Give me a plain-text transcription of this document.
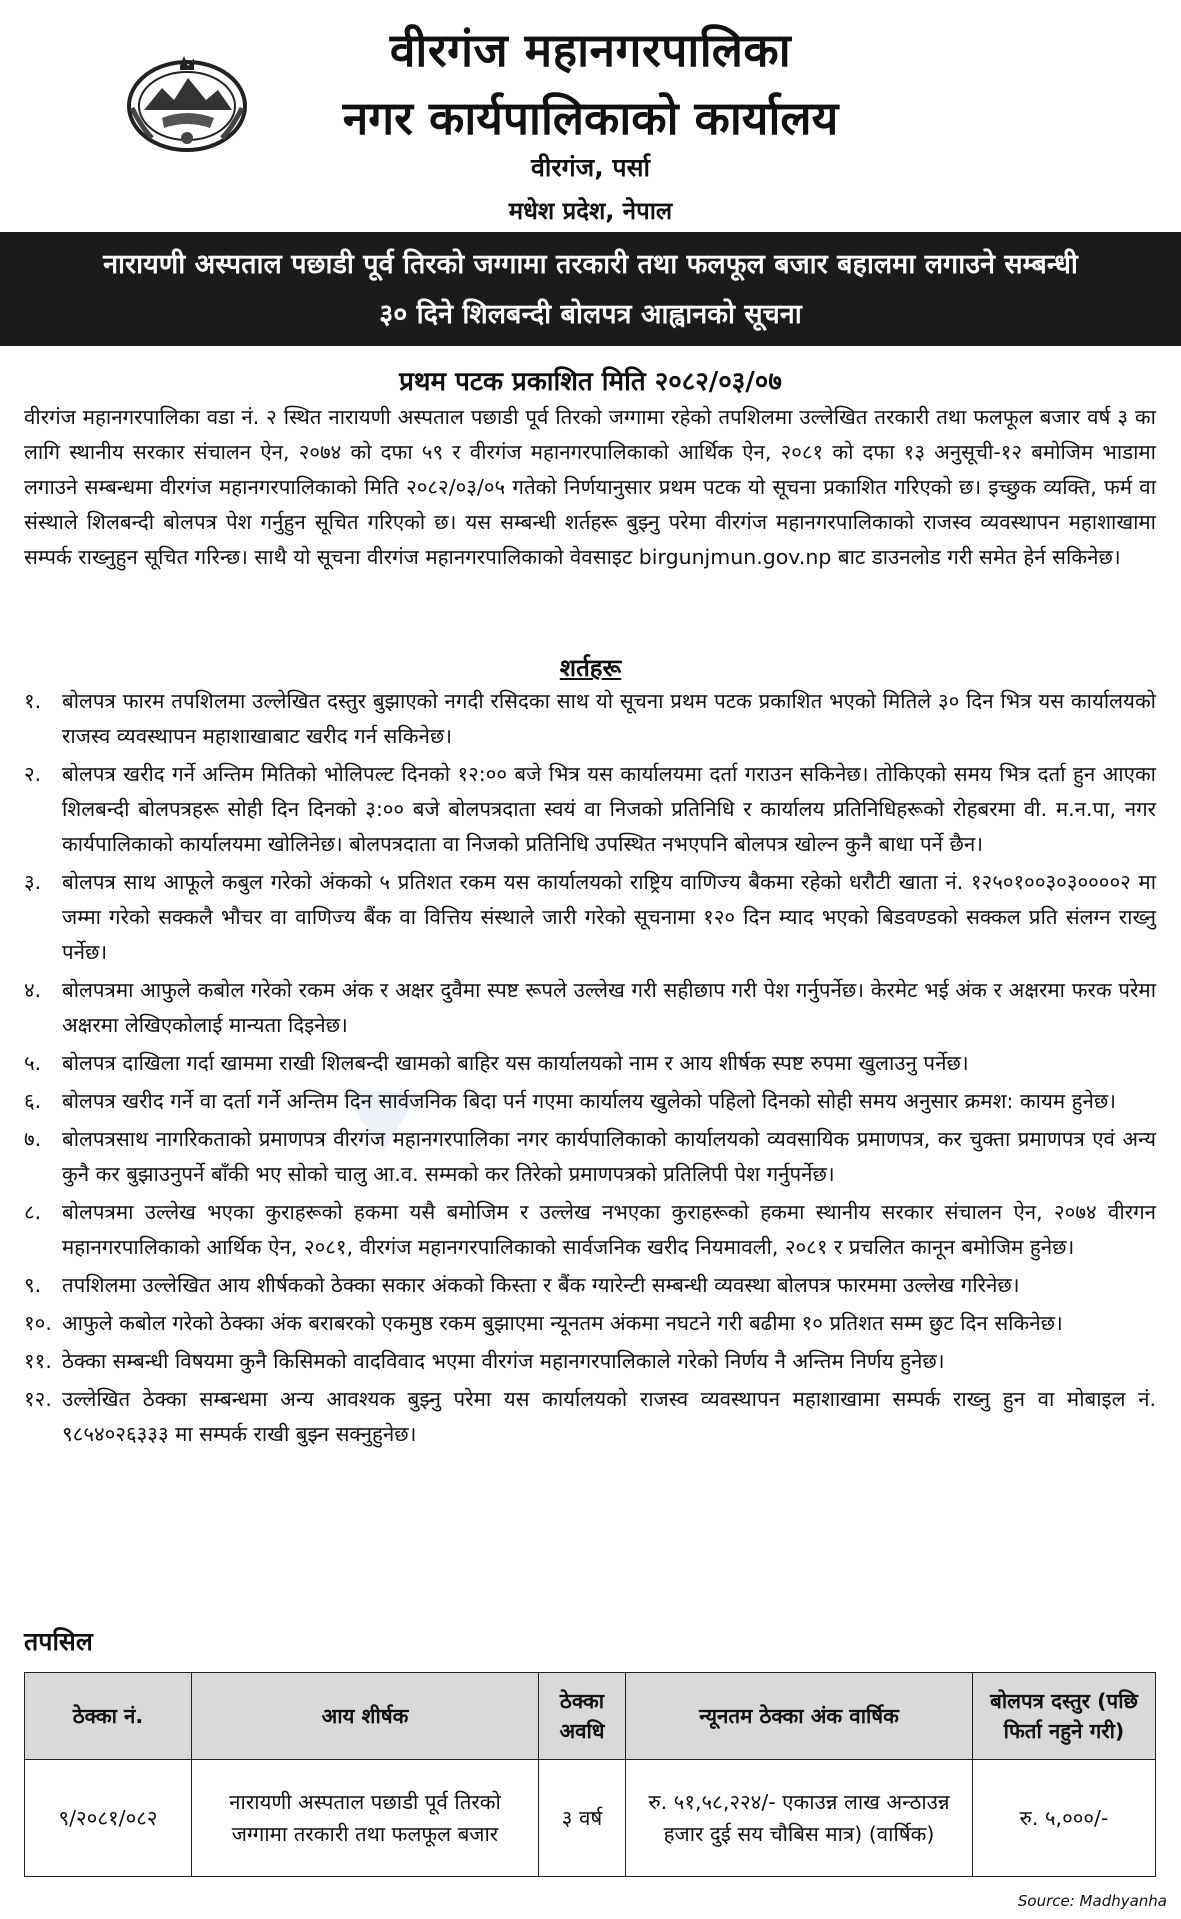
▲
वीरगंज महानगरपालिका
नगर कार्यपालिकाको कार्यालय
वीरगंज, पर्सा
मधेश प्रदेश, नेपाल
नारायणी अस्पताल पछाडी पूर्व तिरको जग्गामा तरकारी तथा फलफूल बजार बहालमा लगाउने सम्बन्धी
३० दिने शिलबन्दी बोलपत्र आह्वानको सूचना
प्रथम पटक प्रकाशित मिति २०८२/०३/०७
वीरगंज महानगरपालिका वडा नं. २ स्थित नारायणी अस्पताल पछाडी पूर्व तिरको जग्गामा रहेको तपशिलमा उल्लेखित तरकारी तथा फलफूल बजार वर्ष ३ का लागि स्थानीय सरकार संचालन ऐन, २०७४ को दफा ५९ र वीरगंज महानगरपालिकाको आर्थिक ऐन, २०८१ को दफा १३ अनुसूची-१२ बमोजिम भाडामा लगाउने सम्बन्धमा वीरगंज महानगरपालिकाको मिति २०८२/०३/०५ गतेको निर्णयानुसार प्रथम पटक यो सूचना प्रकाशित गरिएको छ। इच्छुक व्यक्ति, फर्म वा संस्थाले शिलबन्दी बोलपत्र पेश गर्नुहुन सूचित गरिएको छ। यस सम्बन्धी शर्तहरू बुझ्नु परेमा वीरगंज महानगरपालिकाको राजस्व व्यवस्थापन महाशाखामा सम्पर्क राख्नुहुन सूचित गरिन्छ। साथै यो सूचना वीरगंज महानगरपालिकाको वेवसाइट birgunjmun.gov.np बाट डाउनलोड गरी समेत हेर्न सकिनेछ।
शर्तहरू
१. बोलपत्र फारम तपशिलमा उल्लेखित दस्तुर बुझाएको नगदी रसिदका साथ यो सूचना प्रथम पटक प्रकाशित भएको मितिले ३० दिन भित्र यस कार्यालयको राजस्व व्यवस्थापन महाशाखाबाट खरीद गर्न सकिनेछ।
२. बोलपत्र खरीद गर्ने अन्तिम मितिको भोलिपल्ट दिनको १२:०० बजे भित्र यस कार्यालयमा दर्ता गराउन सकिनेछ। तोकिएको समय भित्र दर्ता हुन आएका शिलबन्दी बोलपत्रहरू सोही दिन दिनको ३:०० बजे बोलपत्रदाता स्वयं वा निजको प्रतिनिधि र कार्यालय प्रतिनिधिहरूको रोहबरमा वी. म.न.पा, नगर कार्यपालिकाको कार्यालयमा खोलिनेछ। बोलपत्रदाता वा निजको प्रतिनिधि उपस्थित नभएपनि बोलपत्र खोल्न कुनै बाधा पर्ने छैन।
३. बोलपत्र साथ आफूले कबुल गरेको अंकको ५ प्रतिशत रकम यस कार्यालयको राष्ट्रिय वाणिज्य बैकमा रहेको धरौटी खाता नं. १२५०१००३०३००००२ मा जम्मा गरेको सक्कलै भौचर वा वाणिज्य बैंक वा वित्तिय संस्थाले जारी गरेको सूचनामा १२० दिन म्याद भएको बिडवण्डको सक्कल प्रति संलग्न राख्नु पर्नेछ।
४. बोलपत्रमा आफुले कबोल गरेको रकम अंक र अक्षर दुवैमा स्पष्ट रूपले उल्लेख गरी सहीछाप गरी पेश गर्नुपर्नेछ। केरमेट भई अंक र अक्षरमा फरक परेमा अक्षरमा लेखिएकोलाई मान्यता दिइनेछ।
५. बोलपत्र दाखिला गर्दा खाममा राखी शिलबन्दी खामको बाहिर यस कार्यालयको नाम र आय शीर्षक स्पष्ट रुपमा खुलाउनु पर्नेछ।
६. बोलपत्र खरीद गर्ने वा दर्ता गर्ने अन्तिम दिन सार्वजनिक बिदा पर्न गएमा कार्यालय खुलेको पहिलो दिनको सोही समय अनुसार क्रमश: कायम हुनेछ।
७. बोलपत्रसाथ नागरिकताको प्रमाणपत्र वीरगंज महानगरपालिका नगर कार्यपालिकाको कार्यालयको व्यवसायिक प्रमाणपत्र, कर चुक्ता प्रमाणपत्र एवं अन्य कुनै कर बुझाउनुपर्ने बाँकी भए सोको चालु आ.व. सम्मको कर तिरेको प्रमाणपत्रको प्रतिलिपी पेश गर्नुपर्नेछ।
८. बोलपत्रमा उल्लेख भएका कुराहरूको हकमा यसै बमोजिम र उल्लेख नभएका कुराहरूको हकमा स्थानीय सरकार संचालन ऐन, २०७४ वीरगन महानगरपालिकाको आर्थिक ऐन, २०८१, वीरगंज महानगरपालिकाको सार्वजनिक खरीद नियमावली, २०८१ र प्रचलित कानून बमोजिम हुनेछ।
९. तपशिलमा उल्लेखित आय शीर्षकको ठेक्का सकार अंकको किस्ता र बैंक ग्यारेन्टी सम्बन्धी व्यवस्था बोलपत्र फारममा उल्लेख गरिनेछ।
१०. आफुले कबोल गरेको ठेक्का अंक बराबरको एकमुष्ठ रकम बुझाएमा न्यूनतम अंकमा नघटने गरी बढीमा १० प्रतिशत सम्म छुट दिन सकिनेछ।
११. ठेक्का सम्बन्धी विषयमा कुनै किसिमको वादविवाद भएमा वीरगंज महानगरपालिकाले गरेको निर्णय नै अन्तिम निर्णय हुनेछ।
१२. उल्लेखित ठेक्का सम्बन्धमा अन्य आवश्यक बुझ्नु परेमा यस कार्यालयको राजस्व व्यवस्थापन महाशाखामा सम्पर्क राख्नु हुन वा मोबाइल नं. ९८५४०२६३३३ मा सम्पर्क राखी बुझ्न सक्नुहुनेछ।
तपसिल
ठेक्का नं.	आय शीर्षक	ठेक्का अवधि	न्यूनतम ठेक्का अंक वार्षिक	बोलपत्र दस्तुर (पछि फिर्ता नहुने गरी)
९/२०८१/०८२	नारायणी अस्पताल पछाडी पूर्व तिरको जग्गामा तरकारी तथा फलफूल बजार	३ वर्ष	रु. ५१,५८,२२४/- एकाउन्न लाख अन्ठाउन्न हजार दुई सय चौबिस मात्र) (वार्षिक)	रु. ५,०००/-
Source: Madhyanha
